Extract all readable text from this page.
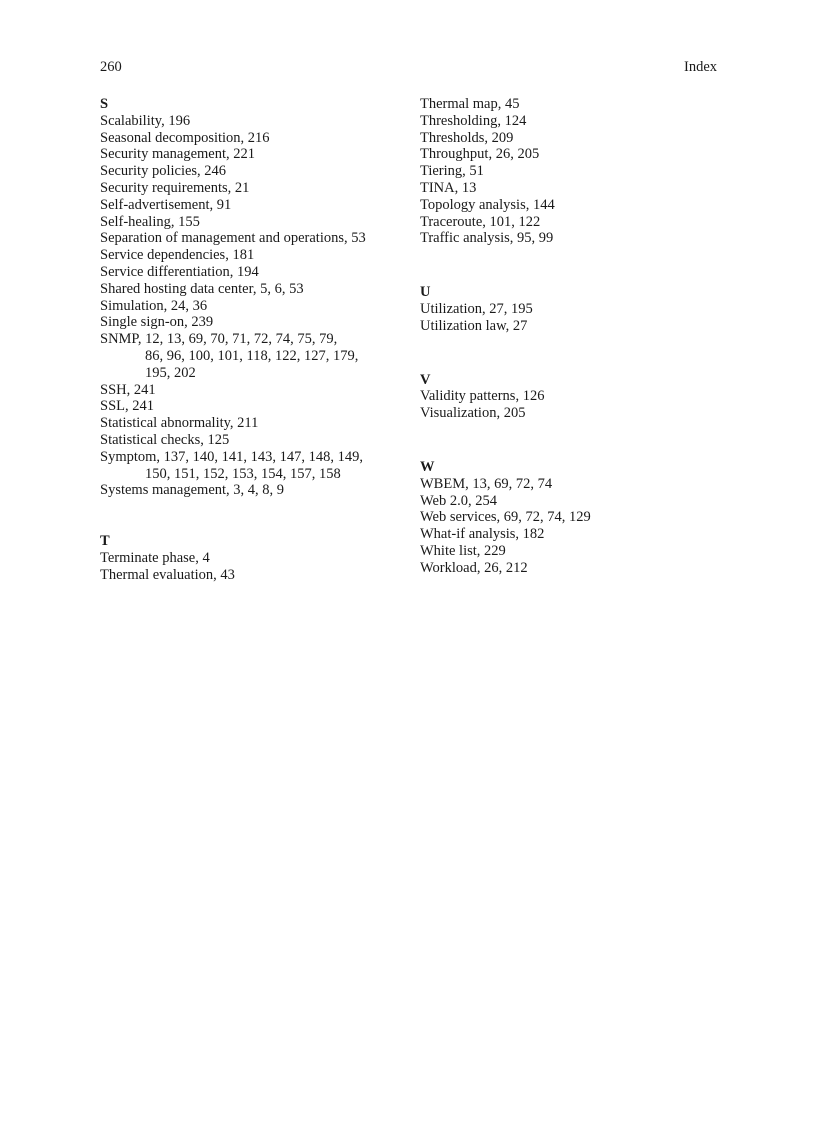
260	Index
S
Scalability, 196
Seasonal decomposition, 216
Security management, 221
Security policies, 246
Security requirements, 21
Self-advertisement, 91
Self-healing, 155
Separation of management and operations, 53
Service dependencies, 181
Service differentiation, 194
Shared hosting data center, 5, 6, 53
Simulation, 24, 36
Single sign-on, 239
SNMP, 12, 13, 69, 70, 71, 72, 74, 75, 79,
86, 96, 100, 101, 118, 122, 127, 179,
195, 202
SSH, 241
SSL, 241
Statistical abnormality, 211
Statistical checks, 125
Symptom, 137, 140, 141, 143, 147, 148, 149,
150, 151, 152, 153, 154, 157, 158
Systems management, 3, 4, 8, 9
T
Terminate phase, 4
Thermal evaluation, 43
Thermal map, 45
Thresholding, 124
Thresholds, 209
Throughput, 26, 205
Tiering, 51
TINA, 13
Topology analysis, 144
Traceroute, 101, 122
Traffic analysis, 95, 99
U
Utilization, 27, 195
Utilization law, 27
V
Validity patterns, 126
Visualization, 205
W
WBEM, 13, 69, 72, 74
Web 2.0, 254
Web services, 69, 72, 74, 129
What-if analysis, 182
White list, 229
Workload, 26, 212
